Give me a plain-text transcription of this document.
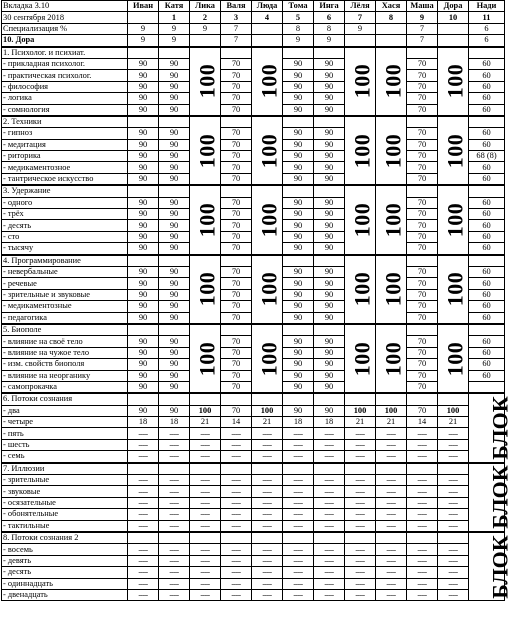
Вкладка 3.10	Иван	Катя	Лика	Валя	Люда	Тома	Инга	Лёля	Хася	Маша	Дора	Нади
30 сентября 2018		1	2	3	4	5	6	7	8	9	10	11
Специализация %	9	9	9	7		8	8	9		7		6
10. Дора	9	9		7		9	9			7		6
1. Психолог. и психиат.			100		100			100	100		100	
- прикладная психолог.	90	90		70		90	90			70		60
- практическая психолог.	90	90		70		90	90			70		60
- философия	90	90		70		90	90			70		60
- логика	90	90		70		90	90			70		60
- сомнология	90	90		70		90	90			70		60
2. Техники			100		100			100	100		100	
- гипноз	90	90		70		90	90			70		60
- медитация	90	90		70		90	90			70		60
- риторика	90	90		70		90	90			70		68 (8)
- медикаментозное	90	90		70		90	90			70		60
- тантрическое искусство	90	90		70		90	90			70		60
3. Удержание			100		100			100	100		100	
- одного	90	90		70		90	90			70		60
- трёх	90	90		70		90	90			70		60
- десять	90	90		70		90	90			70		60
- сто	90	90		70		90	90			70		60
- тысячу	90	90		70		90	90			70		60
4. Программирование			100		100			100	100		100	
- невербальные	90	90		70		90	90			70		60
- речевые	90	90		70		90	90			70		60
- зрительные и звуковые	90	90		70		90	90			70		60
- медикаментозные	90	90		70		90	90			70		60
- педагогика	90	90		70		90	90			70		60
5. Биополе			100		100			100	100		100	
- влияние на своё тело	90	90		70		90	90			70		60
- влияние на чужое тело	90	90		70		90	90			70		60
- изм. свойств биополя	90	90		70		90	90			70		60
- влияние на неорганику	90	90		70		90	90			70		60
- самопрокачка	90	90		70		90	90			70		
6. Потоки сознания												БЛОК
- два	90	90	100	70	100	90	90	100	100	70	100	
- четыре	18	18	21	14	21	18	18	21	21	14	21	
- пять	-----	-----	-----	-----	-----	-----	-----	-----	-----	-----	-----	
- шесть	-----	-----	-----	-----	-----	-----	-----	-----	-----	-----	-----	
- семь	-----	-----	-----	-----	-----	-----	-----	-----	-----	-----	-----	
7. Иллюзии												БЛОК
- зрительные	-----	-----	-----	-----	-----	-----	-----	-----	-----	-----	-----	
- звуковые	-----	-----	-----	-----	-----	-----	-----	-----	-----	-----	-----	
- осязательные	-----	-----	-----	-----	-----	-----	-----	-----	-----	-----	-----	
- обонятельные	-----	-----	-----	-----	-----	-----	-----	-----	-----	-----	-----	
- тактильные	-----	-----	-----	-----	-----	-----	-----	-----	-----	-----	-----	
8. Потоки сознания 2												БЛОК
- восемь	-----	-----	-----	-----	-----	-----	-----	-----	-----	-----	-----	
- девять	-----	-----	-----	-----	-----	-----	-----	-----	-----	-----	-----	
- десять	-----	-----	-----	-----	-----	-----	-----	-----	-----	-----	-----	
- одиннадцать	-----	-----	-----	-----	-----	-----	-----	-----	-----	-----	-----	
- двенадцать	-----	-----	-----	-----	-----	-----	-----	-----	-----	-----	-----	
